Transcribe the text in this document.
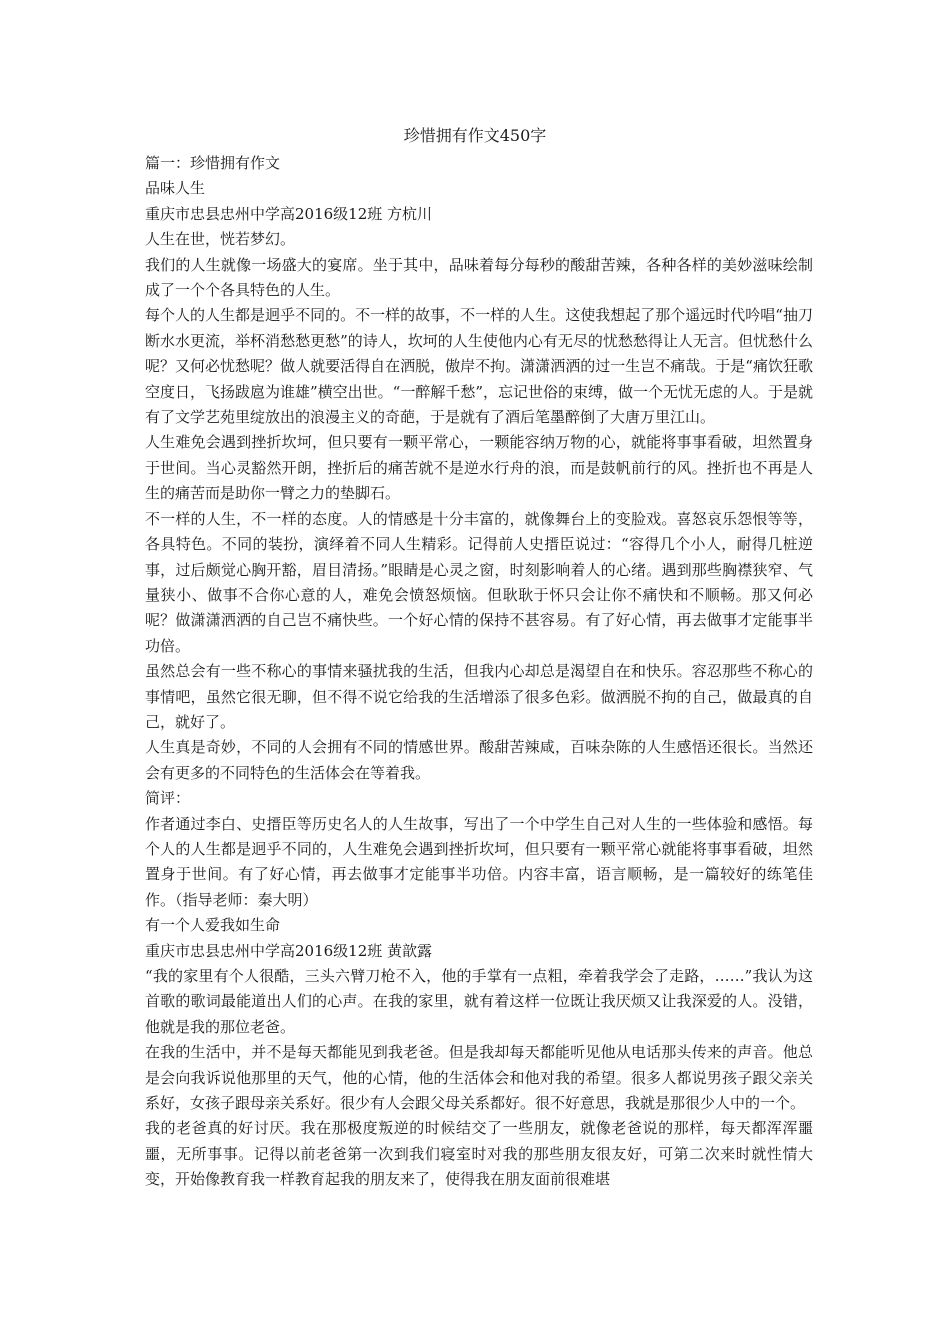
珍惜拥有作文450字

篇一：珍惜拥有作文

品味人生

重庆市忠县忠州中学高2016级12班 方杭川

人生在世，恍若梦幻。

我们的人生就像一场盛大的宴席。坐于其中，品味着每分每秒的酸甜苦辣，各种各样的美妙滋味绘制成了一个个各具特色的人生。

每个人的人生都是迥乎不同的。不一样的故事，不一样的人生。这使我想起了那个遥远时代吟唱“抽刀断水水更流，举杯消愁愁更愁”的诗人，坎坷的人生使他内心有无尽的忧愁愁得让人无言。但忧愁什么呢？又何必忧愁呢？做人就要活得自在洒脱，傲岸不拘。潇潇洒洒的过一生岂不痛哉。于是“痛饮狂歌空度日，飞扬跋扈为谁雄”横空出世。“一醉解千愁”，忘记世俗的束缚，做一个无忧无虑的人。于是就有了文学艺苑里绽放出的浪漫主义的奇葩，于是就有了酒后笔墨醉倒了大唐万里江山。

人生难免会遇到挫折坎坷，但只要有一颗平常心，一颗能容纳万物的心，就能将事事看破，坦然置身于世间。当心灵豁然开朗，挫折后的痛苦就不是逆水行舟的浪，而是鼓帆前行的风。挫折也不再是人生的痛苦而是助你一臂之力的垫脚石。

不一样的人生，不一样的态度。人的情感是十分丰富的，就像舞台上的变脸戏。喜怒哀乐怨恨等等，各具特色。不同的装扮，演绎着不同人生精彩。记得前人史搢臣说过：“容得几个小人，耐得几桩逆事，过后颇觉心胸开豁，眉目清扬。”眼睛是心灵之窗，时刻影响着人的心绪。遇到那些胸襟狭窄、气量狭小、做事不合你心意的人，难免会愤怒烦恼。但耿耿于怀只会让你不痛快和不顺畅。那又何必呢？做潇潇洒洒的自己岂不痛快些。一个好心情的保持不甚容易。有了好心情，再去做事才定能事半功倍。

虽然总会有一些不称心的事情来骚扰我的生活，但我内心却总是渴望自在和快乐。容忍那些不称心的事情吧，虽然它很无聊，但不得不说它给我的生活增添了很多色彩。做洒脱不拘的自己，做最真的自己，就好了。

人生真是奇妙，不同的人会拥有不同的情感世界。酸甜苦辣咸，百味杂陈的人生感悟还很长。当然还会有更多的不同特色的生活体会在等着我。

简评：

作者通过李白、史搢臣等历史名人的人生故事，写出了一个中学生自己对人生的一些体验和感悟。每个人的人生都是迥乎不同的，人生难免会遇到挫折坎坷，但只要有一颗平常心就能将事事看破，坦然置身于世间。有了好心情，再去做事才定能事半功倍。内容丰富，语言顺畅，是一篇较好的练笔佳作。（指导老师：秦大明）

有一个人爱我如生命

重庆市忠县忠州中学高2016级12班 黄歆露

“我的家里有个人很酷，三头六臂刀枪不入，他的手掌有一点粗，牵着我学会了走路，……”我认为这首歌的歌词最能道出人们的心声。在我的家里，就有着这样一位既让我厌烦又让我深爱的人。没错，他就是我的那位老爸。

在我的生活中，并不是每天都能见到我老爸。但是我却每天都能听见他从电话那头传来的声音。他总是会向我诉说他那里的天气，他的心情，他的生活体会和他对我的希望。很多人都说男孩子跟父亲关系好，女孩子跟母亲关系好。很少有人会跟父母关系都好。很不好意思，我就是那很少人中的一个。

我的老爸真的好讨厌。我在那极度叛逆的时候结交了一些朋友，就像老爸说的那样，每天都浑浑噩噩，无所事事。记得以前老爸第一次到我们寝室时对我的那些朋友很友好，可第二次来时就性情大变，开始像教育我一样教育起我的朋友来了，使得我在朋友面前很难堪
